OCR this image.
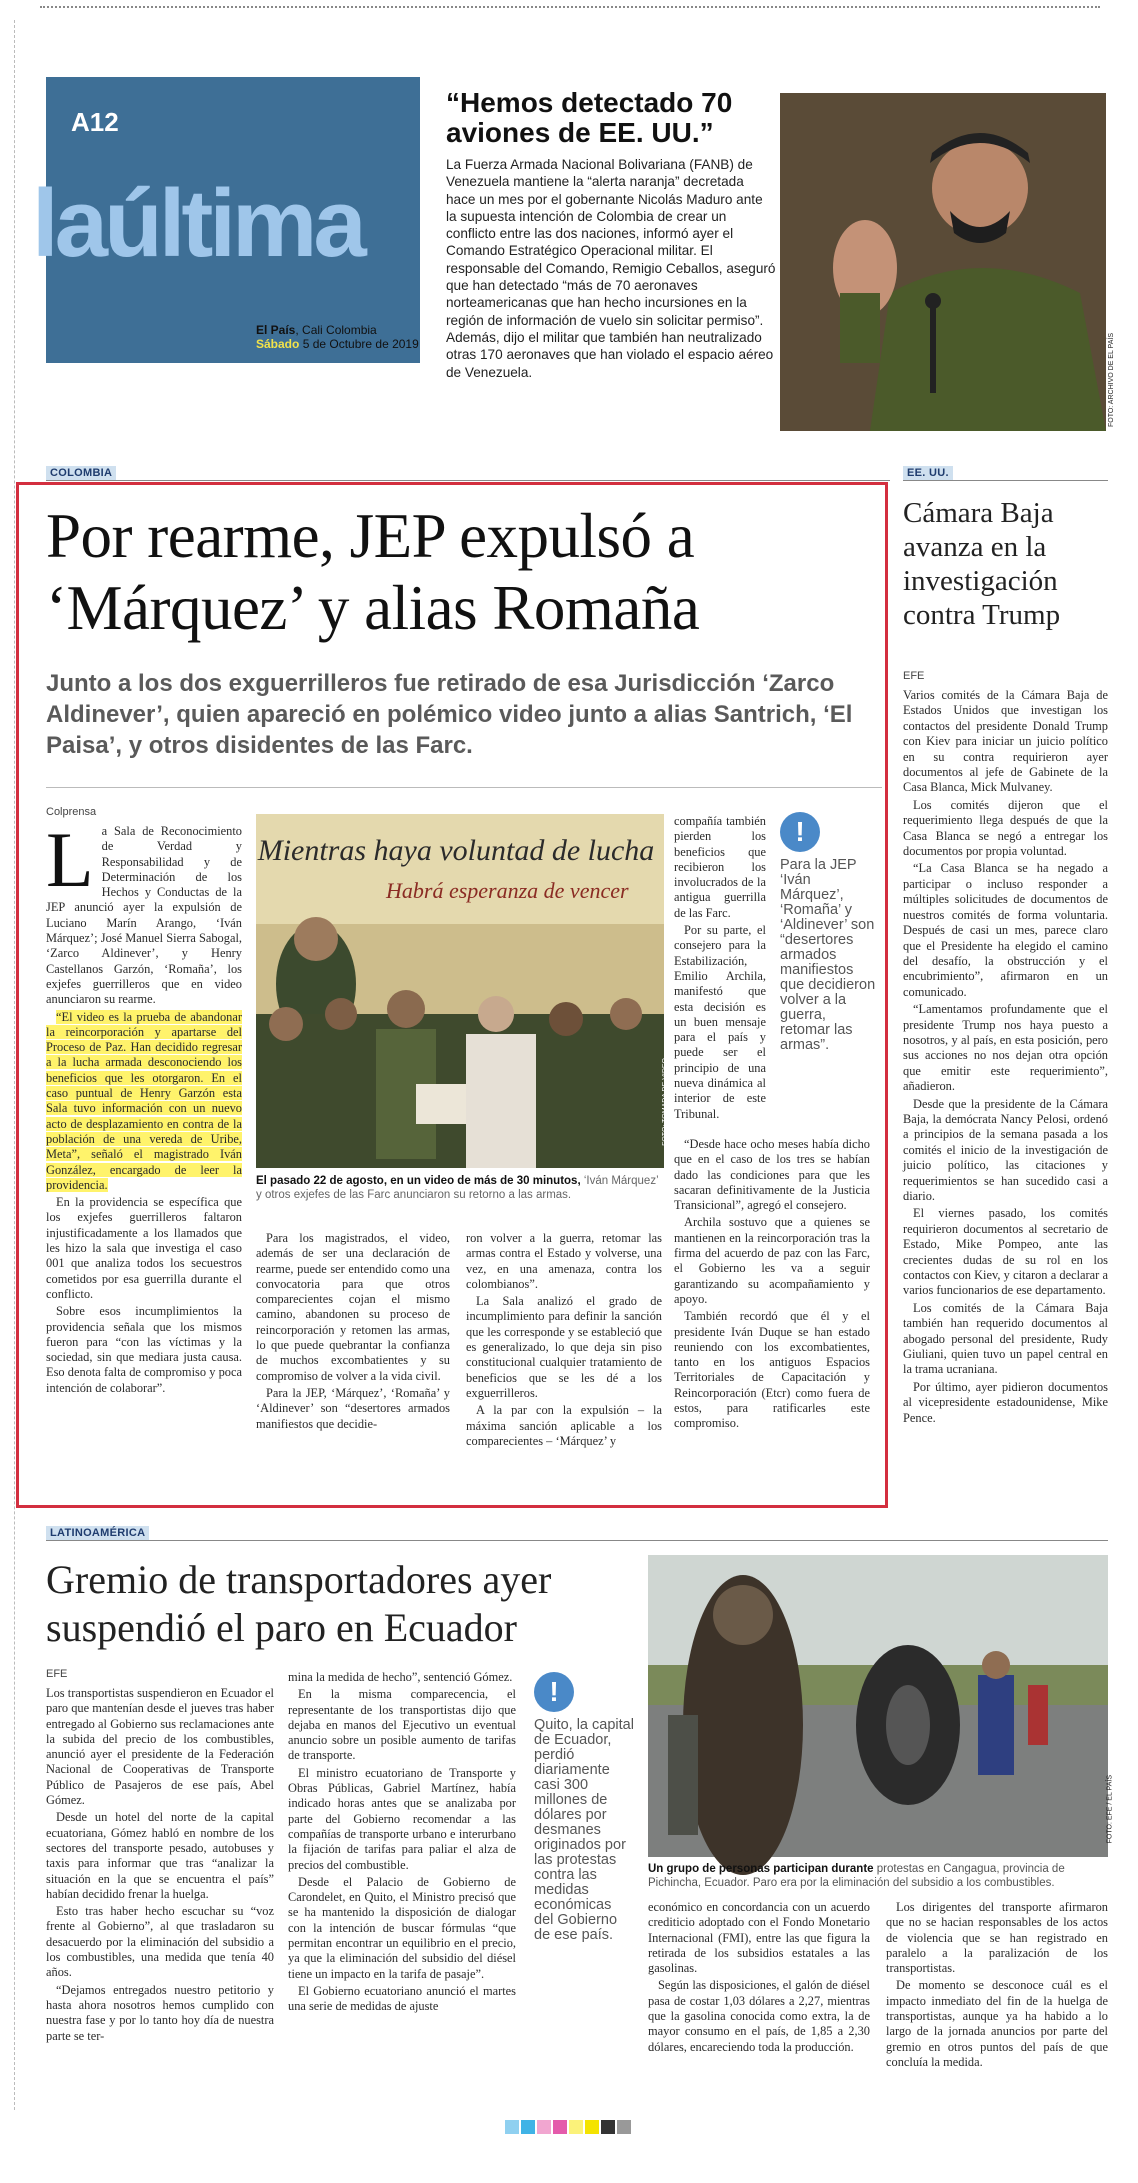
A12
laúltima
El País, Cali Colombia
Sábado 5 de Octubre de 2019
“Hemos detectado 70 aviones de EE. UU.”
La Fuerza Armada Nacional Bolivariana (FANB) de Venezuela mantiene la “alerta naranja” decretada hace un mes por el gobernante Nicolás Maduro ante la supuesta intención de Colombia de crear un conflicto entre las dos naciones, informó ayer el Comando Estratégico Operacional militar. El responsable del Comando, Remigio Ceballos, aseguró que han detectado “más de 70 aeronaves norteamericanas que han hecho incursiones en la región de información de vuelo sin solicitar permiso”. Además, dijo el militar que también han neutralizado otras 170 aeronaves que han violado el espacio aéreo de Venezuela.	FOTO: ARCHIVO DE EL PAÍS
COLOMBIA
Por rearme, JEP expulsó a ‘Márquez’ y alias Romaña
Junto a los dos exguerrilleros fue retirado de esa Jurisdicción ‘Zarco Aldinever’, quien apareció en polémico video junto a alias Santrich, ‘El Paisa’, y otros disidentes de las Farc.
Colprensa

La Sala de Reconocimiento de Verdad y Responsabilidad y de Determinación de los Hechos y Conductas de la JEP anunció ayer la expulsión de Luciano Marín Arango, ‘Iván Márquez’; José Manuel Sierra Sabogal, ‘Zarco Aldinever’, y Henry Castellanos Garzón, ‘Romaña’, los exjefes guerrilleros que en video anunciaron su rearme.

“El video es la prueba de abandonar la reincorporación y apartarse del Proceso de Paz. Han decidido regresar a la lucha armada desconociendo los beneficios que les otorgaron. En el caso puntual de Henry Garzón esta Sala tuvo información con un nuevo acto de desplazamiento en contra de la población de una vereda de Uribe, Meta”, señaló el magistrado Iván González, encargado de leer la providencia.

En la providencia se específica que los exjefes guerrilleros faltaron injustificadamente a los llamados que les hizo la sala que investiga el caso 001 que analiza todos los secuestros cometidos por esa guerrilla durante el conflicto.

Sobre esos incumplimientos la providencia señala que los mismos fueron para “con las víctimas y la sociedad, sin que mediara justa causa. Eso denota falta de compromiso y poca intención de colaborar”.

Mientras haya voluntad de lucha
Habrá esperanza de vencer
FOTO: TOMADA DE VIDEO
El pasado 22 de agosto, en un video de más de 30 minutos, ‘Iván Márquez’ y otros exjefes de las Farc anunciaron su retorno a las armas.

Para los magistrados, el video, además de ser una declaración de rearme, puede ser entendido como una convocatoria para que otros comparecientes cojan el mismo camino, abandonen su proceso de reincorporación y retomen las armas, lo que puede quebrantar la confianza de muchos excombatientes y su compromiso de volver a la vida civil.

Para la JEP, ‘Márquez’, ‘Romaña’ y ‘Aldinever’ son “desertores armados manifiestos que decidie-

ron volver a la guerra, retomar las armas contra el Estado y volverse, una vez, en una amenaza, contra los colombianos”.

La Sala analizó el grado de incumplimiento para definir la sanción que les corresponde y se estableció que es generalizado, lo que deja sin piso constitucional cualquier tratamiento de beneficios que se les dé a los exguerrilleros.

A la par con la expulsión – la máxima sanción aplicable a los comparecientes – ‘Márquez’ y

compañía también pierden los beneficios que recibieron los involucrados de la antigua guerrilla de las Farc.

Por su parte, el consejero para la Estabilización, Emilio Archila, manifestó que esta decisión es un buen mensaje para el país y puede ser el principio de una nueva dinámica al interior de este Tribunal.

“Desde hace ocho meses había dicho que en el caso de los tres se habían dado las condiciones para que les sacaran definitivamente de la Justicia Transicional”, agregó el consejero.

Archila sostuvo que a quienes se mantienen en la reincorporación tras la firma del acuerdo de paz con las Farc, el Gobierno les va a seguir garantizando su acompañamiento y apoyo.

También recordó que él y el presidente Iván Duque se han estado reuniendo con los excombatientes, tanto en los antiguos Espacios Territoriales de Capacitación y Reincorporación (Etcr) como fuera de estos, para ratificarles este compromiso.

!
Para la JEP ‘Iván Márquez’, ‘Romaña’ y ‘Aldinever’ son “desertores armados manifiestos que decidieron volver a la guerra, retomar las armas”.
EE. UU.
Cámara Baja avanza en la investigación contra Trump
EFE

Varios comités de la Cámara Baja de Estados Unidos que investigan los contactos del presidente Donald Trump con Kiev para iniciar un juicio político en su contra requirieron ayer documentos al jefe de Gabinete de la Casa Blanca, Mick Mulvaney.

Los comités dijeron que el requerimiento llega después de que la Casa Blanca se negó a entregar los documentos por propia voluntad.

“La Casa Blanca se ha negado a participar o incluso responder a múltiples solicitudes de documentos de nuestros comités de forma voluntaria. Después de casi un mes, parece claro que el Presidente ha elegido el camino del desafío, la obstrucción y el encubrimiento”, afirmaron en un comunicado.

“Lamentamos profundamente que el presidente Trump nos haya puesto a nosotros, y al país, en esta posición, pero sus acciones no nos dejan otra opción que emitir este requerimiento”, añadieron.

Desde que la presidente de la Cámara Baja, la demócrata Nancy Pelosi, ordenó a principios de la semana pasada a los comités el inicio de la investigación de juicio político, las citaciones y requerimientos se han sucedido casi a diario.

El viernes pasado, los comités requirieron documentos al secretario de Estado, Mike Pompeo, ante las crecientes dudas de su rol en los contactos con Kiev, y citaron a declarar a varios funcionarios de ese departamento.

Los comités de la Cámara Baja también han requerido documentos al abogado personal del presidente, Rudy Giuliani, quien tuvo un papel central en la trama ucraniana.

Por último, ayer pidieron documentos al vicepresidente estadounidense, Mike Pence.

LATINOAMÉRICA
Gremio de transportadores ayer suspendió el paro en Ecuador
EFE

Los transportistas suspendieron en Ecuador el paro que mantenían desde el jueves tras haber entregado al Gobierno sus reclamaciones ante la subida del precio de los combustibles, anunció ayer el presidente de la Federación Nacional de Cooperativas de Transporte Público de Pasajeros de ese país, Abel Gómez.

Desde un hotel del norte de la capital ecuatoriana, Gómez habló en nombre de los sectores del transporte pesado, autobuses y taxis para informar que tras “analizar la situación en la que se encuentra el país” habían decidido frenar la huelga.

Esto tras haber hecho escuchar su “voz frente al Gobierno”, al que trasladaron su desacuerdo por la eliminación del subsidio a los combustibles, una medida que tenía 40 años.

“Dejamos entregados nuestro petitorio y hasta ahora nosotros hemos cumplido con nuestra fase y por lo tanto hoy día de nuestra parte se ter-

mina la medida de hecho”, sentenció Gómez.

En la misma comparecencia, el representante de los transportistas dijo que dejaba en manos del Ejecutivo un eventual anuncio sobre un posible aumento de tarifas de transporte.

El ministro ecuatoriano de Transporte y Obras Públicas, Gabriel Martínez, había indicado horas antes que se analizaba por parte del Gobierno recomendar a las compañías de transporte urbano e interurbano la fijación de tarifas para paliar el alza de precios del combustible.

Desde el Palacio de Gobierno de Carondelet, en Quito, el Ministro precisó que se ha mantenido la disposición de dialogar con la intención de buscar fórmulas “que permitan encontrar un equilibrio en el precio, ya que la eliminación del subsidio del diésel tiene un impacto en la tarifa de pasaje”.

El Gobierno ecuatoriano anunció el martes una serie de medidas de ajuste

!
Quito, la capital de Ecuador, perdió diariamente casi 300 millones de dólares por desmanes originados por las protestas contra las medidas económicas del Gobierno de ese país.
FOTO: EFE / EL PAÍS
Un grupo de personas participan durante protestas en Cangagua, provincia de Pichincha, Ecuador. Paro era por la eliminación del subsidio a los combustibles.

económico en concordancia con un acuerdo crediticio adoptado con el Fondo Monetario Internacional (FMI), entre las que figura la retirada de los subsidios estatales a las gasolinas.

Según las disposiciones, el galón de diésel pasa de costar 1,03 dólares a 2,27, mientras que la gasolina conocida como extra, la de mayor consumo en el país, de 1,85 a 2,30 dólares, encareciendo toda la producción.

Los dirigentes del transporte afirmaron que no se hacian responsables de los actos de violencia que se han registrado en paralelo a la paralización de los transportistas.

De momento se desconoce cuál es el impacto inmediato del fin de la huelga de transportistas, aunque ya ha habido a lo largo de la jornada anuncios por parte del gremio en otros puntos del país de que concluía la medida.
